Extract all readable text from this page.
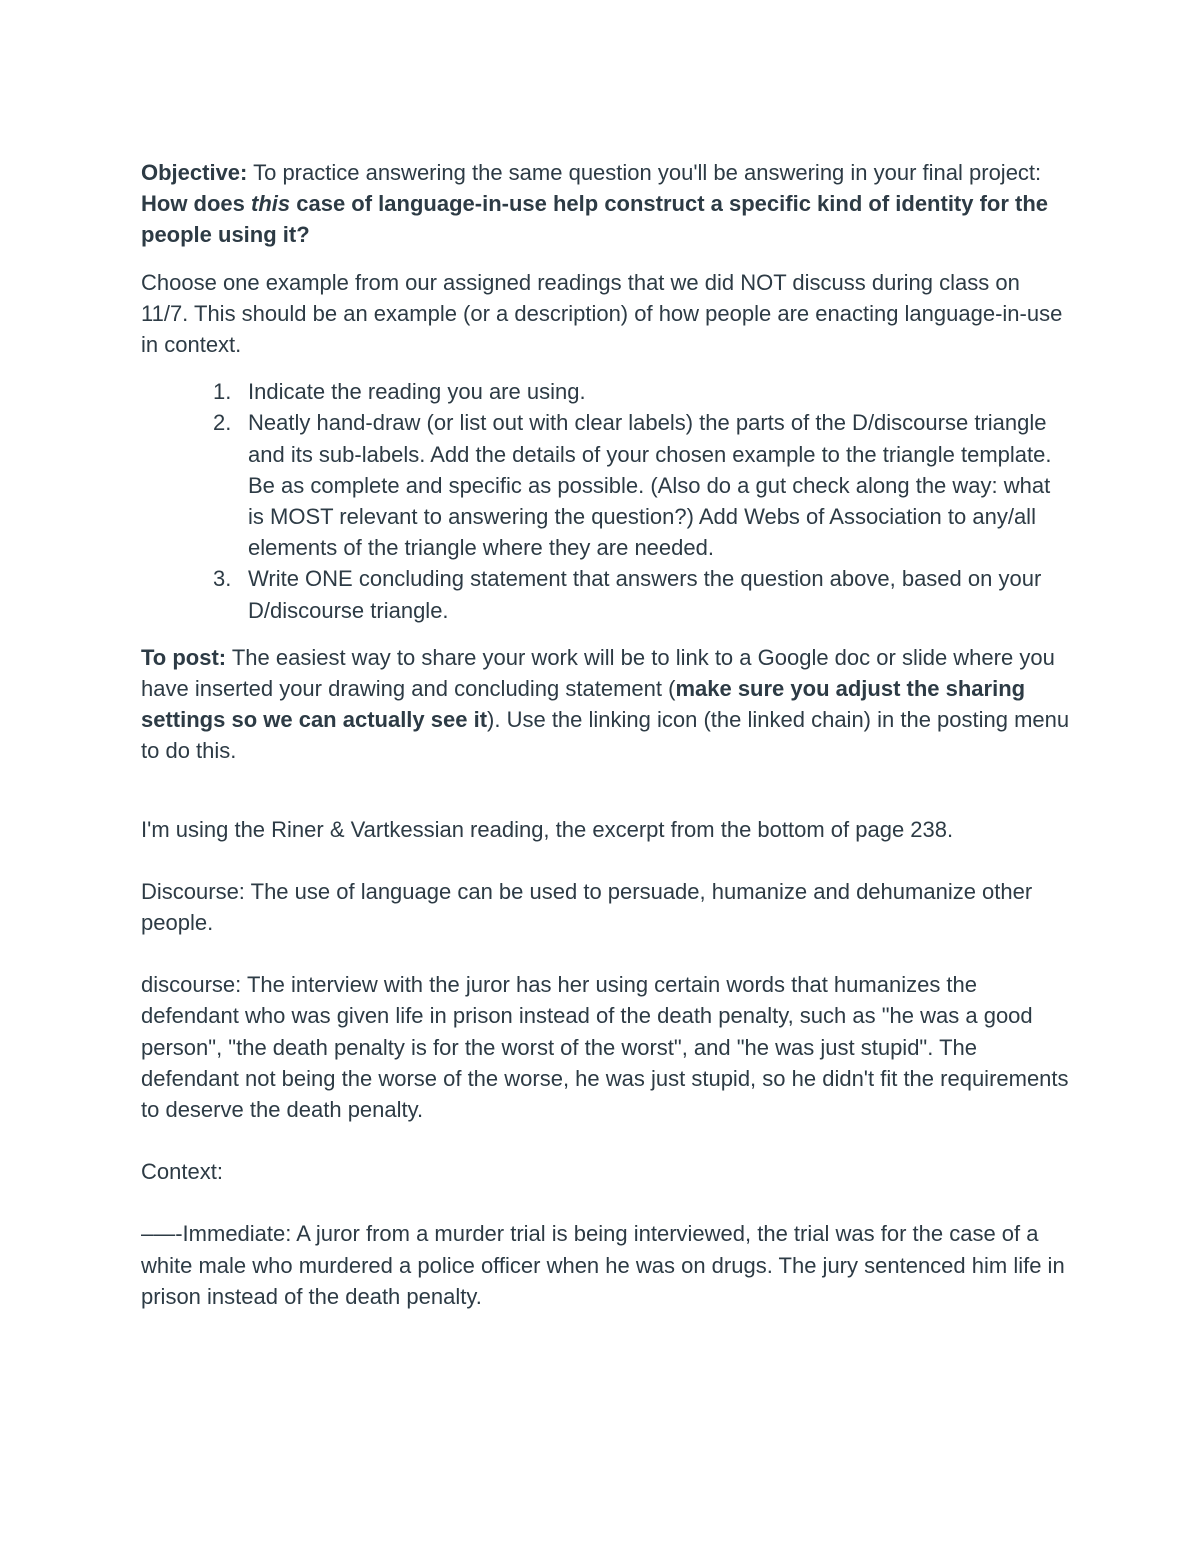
Objective: To practice answering the same question you'll be answering in your final project: How does this case of language-in-use help construct a specific kind of identity for the people using it?

Choose one example from our assigned readings that we did NOT discuss during class on 11/7. This should be an example (or a description) of how people are enacting language-in-use in context.

1. Indicate the reading you are using.
2. Neatly hand-draw (or list out with clear labels) the parts of the D/discourse triangle and its sub-labels. Add the details of your chosen example to the triangle template. Be as complete and specific as possible. (Also do a gut check along the way: what is MOST relevant to answering the question?) Add Webs of Association to any/all elements of the triangle where they are needed.
3. Write ONE concluding statement that answers the question above, based on your D/discourse triangle.

To post: The easiest way to share your work will be to link to a Google doc or slide where you have inserted your drawing and concluding statement (make sure you adjust the sharing settings so we can actually see it). Use the linking icon (the linked chain) in the posting menu to do this.

I'm using the Riner & Vartkessian reading, the excerpt from the bottom of page 238.

Discourse: The use of language can be used to persuade, humanize and dehumanize other people.

discourse: The interview with the juror has her using certain words that humanizes the defendant who was given life in prison instead of the death penalty, such as "he was a good person", "the death penalty is for the worst of the worst", and "he was just stupid". The defendant not being the worse of the worse, he was just stupid, so he didn't fit the requirements to deserve the death penalty.

Context:

–—-Immediate: A juror from a murder trial is being interviewed, the trial was for the case of a white male who murdered a police officer when he was on drugs. The jury sentenced him life in prison instead of the death penalty.
